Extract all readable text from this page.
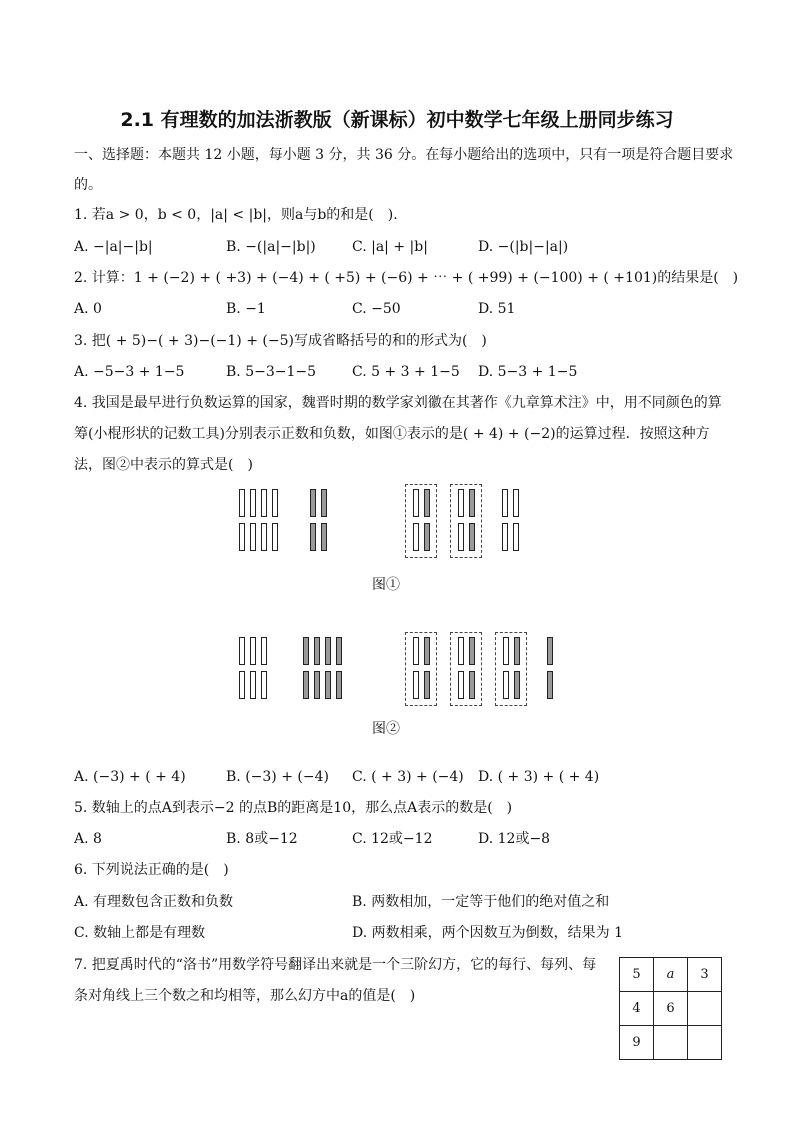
2.1 有理数的加法浙教版（新课标）初中数学七年级上册同步练习
一、选择题：本题共 12 小题，每小题 3 分，共 36 分。在每小题给出的选项中，只有一项是符合题目要求
的。
1. 若a > 0，b < 0，|a| < |b|，则a与b的和是(　).
A. −|a|−|b|	B. −(|a|−|b|)	C. |a| + |b|	D. −(|b|−|a|)
2. 计算：1 + (−2) + ( +3) + (−4) + ( +5) + (−6) + ⋯ + ( +99) + (−100) + ( +101)的结果是(　)
A. 0	B. −1	C. −50	D. 51
3. 把( + 5)−( + 3)−(−1) + (−5)写成省略括号的和的形式为(　)
A. −5−3 + 1−5	B. 5−3−1−5	C. 5 + 3 + 1−5 D. 5−3 + 1−5
4. 我国是最早进行负数运算的国家，魏晋时期的数学家刘徽在其著作《九章算术注》中，用不同颜色的算
筹(小棍形状的记数工具)分别表示正数和负数，如图①表示的是( + 4) + (−2)的运算过程．按照这种方
法，图②中表示的算式是(　)
图①
图②
A. (−3) + ( + 4)	B. (−3) + (−4) C. ( + 3) + (−4) D. ( + 3) + ( + 4)
5. 数轴上的点A到表示−2 的点B的距离是10，那么点A表示的数是(　)
A. 8	B. 8或−12	C. 12或−12	D. 12或−8
6. 下列说法正确的是(　)
A. 有理数包含正数和负数	B. 两数相加，一定等于他们的绝对值之和
C. 数轴上都是有理数	D. 两数相乘，两个因数互为倒数，结果为 1
7. 把夏禹时代的“洛书”用数学符号翻译出来就是一个三阶幻方，它的每行、每列、每
条对角线上三个数之和均相等，那么幻方中a的值是(　)
5	a	3
4	6	
9		
